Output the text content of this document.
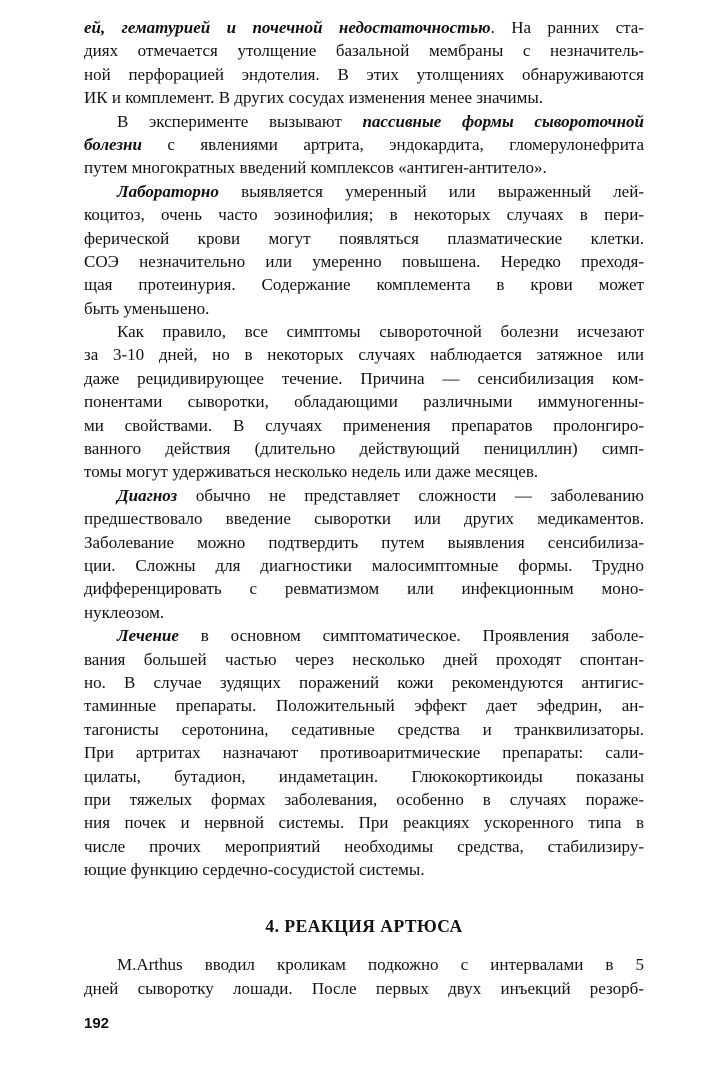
ей, гематурией и почечной недостаточностью. На ранних ста-
диях отмечается утолщение базальной мембраны с незначитель-
ной перфорацией эндотелия. В этих утолщениях обнаруживаются
ИК и комплемент. В других сосудах изменения менее значимы.
В эксперименте вызывают пассивные формы сывороточной
болезни с явлениями артрита, эндокардита, гломерулонефрита
путем многократных введений комплексов «антиген-антитело».
Лабораторно выявляется умеренный или выраженный лей-
коцитоз, очень часто эозинофилия; в некоторых случаях в пери-
ферической крови могут появляться плазматические клетки.
СОЭ незначительно или умеренно повышена. Нередко преходя-
щая протеинурия. Содержание комплемента в крови может
быть уменьшено.
Как правило, все симптомы сывороточной болезни исчезают
за 3-10 дней, но в некоторых случаях наблюдается затяжное или
даже рецидивирующее течение. Причина — сенсибилизация ком-
понентами сыворотки, обладающими различными иммуногенны-
ми свойствами. В случаях применения препаратов пролонгиро-
ванного действия (длительно действующий пенициллин) симп-
томы могут удерживаться несколько недель или даже месяцев.
Диагноз обычно не представляет сложности — заболеванию
предшествовало введение сыворотки или других медикаментов.
Заболевание можно подтвердить путем выявления сенсибилиза-
ции. Сложны для диагностики малосимптомные формы. Трудно
дифференцировать с ревматизмом или инфекционным моно-
нуклеозом.
Лечение в основном симптоматическое. Проявления заболе-
вания большей частью через несколько дней проходят спонтан-
но. В случае зудящих поражений кожи рекомендуются антигис-
таминные препараты. Положительный эффект дает эфедрин, ан-
тагонисты серотонина, седативные средства и транквилизаторы.
При артритах назначают противоаритмические препараты: сали-
цилаты, бутадион, индаметацин. Глюкокортикоиды показаны
при тяжелых формах заболевания, особенно в случаях пораже-
ния почек и нервной системы. При реакциях ускоренного типа в
числе прочих мероприятий необходимы средства, стабилизиру-
ющие функцию сердечно-сосудистой системы.
4. РЕАКЦИЯ АРТЮСА
M.Arthus вводил кроликам подкожно с интервалами в 5
дней сыворотку лошади. После первых двух инъекций резорб-
192
